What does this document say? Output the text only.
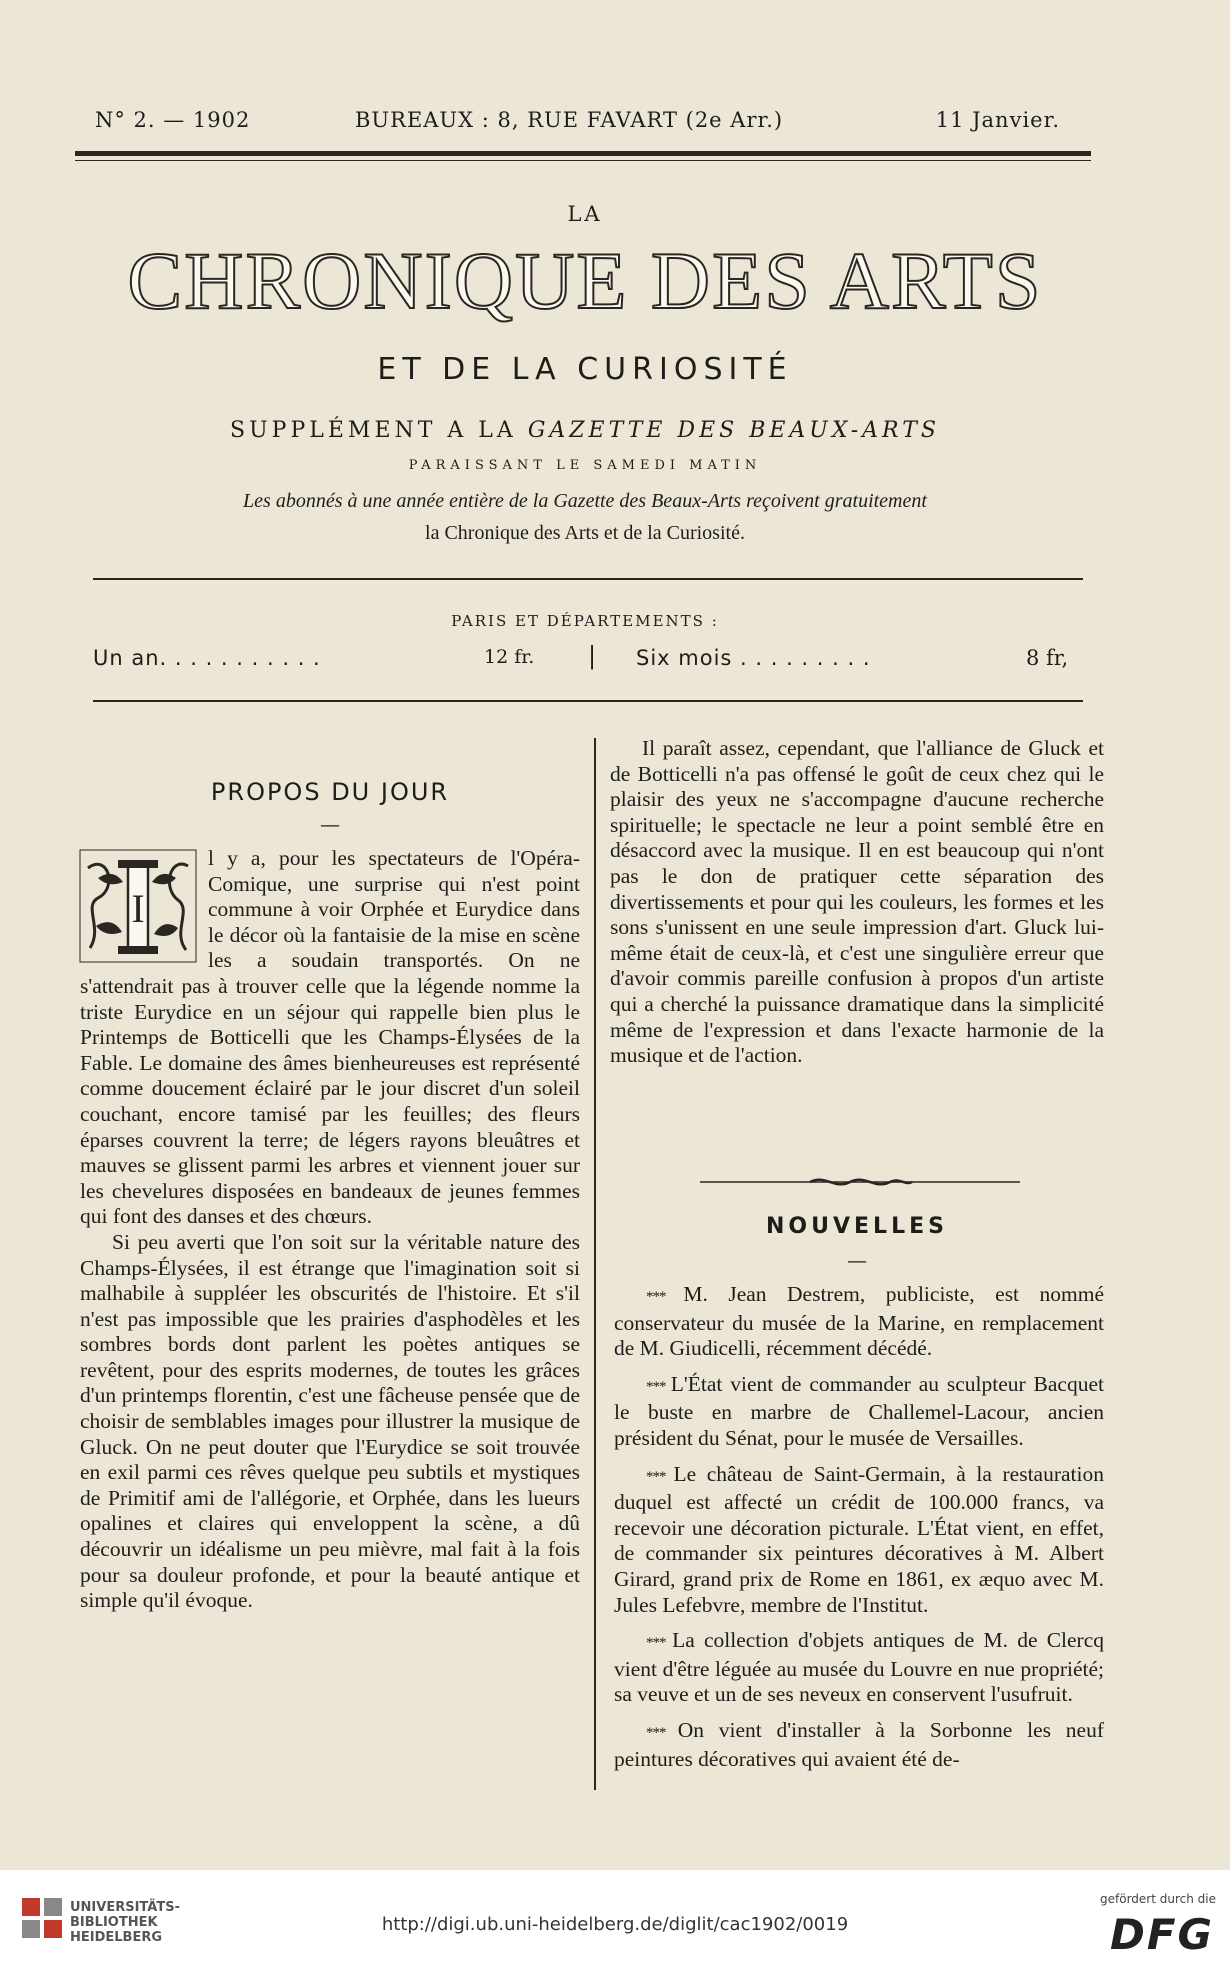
N° 2. — 1902	BUREAUX : 8, RUE FAVART (2e Arr.)	11 Janvier.
LA
CHRONIQUE DES ARTS
ET DE LA CURIOSITÉ
SUPPLÉMENT A LA GAZETTE DES BEAUX-ARTS
PARAISSANT LE SAMEDI MATIN
Les abonnés à une année entière de la Gazette des Beaux-Arts reçoivent gratuitement
la Chronique des Arts et de la Curiosité.
PARIS ET DÉPARTEMENTS :
Un an. . . . . . . . . . .	12 fr. | Six mois . . . . . . . . .	8 fr,
PROPOS DU JOUR
—
I

l y a, pour les spectateurs de l'Opéra-Comique, une surprise qui n'est point commune à voir Orphée et Eurydice dans le décor où la fantaisie de la mise en scène les a soudain transportés. On ne s'attendrait pas à trouver celle que la légende nomme la triste Eurydice en un séjour qui rappelle bien plus le Printemps de Botticelli que les Champs-Élysées de la Fable. Le domaine des âmes bienheureuses est représenté comme doucement éclairé par le jour discret d'un soleil couchant, encore tamisé par les feuilles; des fleurs éparses couvrent la terre; de légers rayons bleuâtres et mauves se glissent parmi les arbres et viennent jouer sur les chevelures disposées en bandeaux de jeunes femmes qui font des danses et des chœurs.

Si peu averti que l'on soit sur la véritable nature des Champs-Élysées, il est étrange que l'imagination soit si malhabile à suppléer les obscurités de l'histoire. Et s'il n'est pas impossible que les prairies d'asphodèles et les sombres bords dont parlent les poètes antiques se revêtent, pour des esprits modernes, de toutes les grâces d'un printemps florentin, c'est une fâcheuse pensée que de choisir de semblables images pour illustrer la musique de Gluck. On ne peut douter que l'Eurydice se soit trouvée en exil parmi ces rêves quelque peu subtils et mystiques de Primitif ami de l'allégorie, et Orphée, dans les lueurs opalines et claires qui enveloppent la scène, a dû découvrir un idéalisme un peu mièvre, mal fait à la fois pour sa douleur profonde, et pour la beauté antique et simple qu'il évoque.

Il paraît assez, cependant, que l'alliance de Gluck et de Botticelli n'a pas offensé le goût de ceux chez qui le plaisir des yeux ne s'accompagne d'aucune recherche spirituelle; le spectacle ne leur a point semblé être en désaccord avec la musique. Il en est beaucoup qui n'ont pas le don de pratiquer cette séparation des divertissements et pour qui les couleurs, les formes et les sons s'unissent en une seule impression d'art. Gluck lui-même était de ceux-là, et c'est une singulière erreur que d'avoir commis pareille confusion à propos d'un artiste qui a cherché la puissance dramatique dans la simplicité même de l'expression et dans l'exacte harmonie de la musique et de l'action.

NOUVELLES
—

*** M. Jean Destrem, publiciste, est nommé conservateur du musée de la Marine, en remplacement de M. Giudicelli, récemment décédé.

*** L'État vient de commander au sculpteur Bacquet le buste en marbre de Challemel-Lacour, ancien président du Sénat, pour le musée de Versailles.

*** Le château de Saint-Germain, à la restauration duquel est affecté un crédit de 100.000 francs, va recevoir une décoration picturale. L'État vient, en effet, de commander six peintures décoratives à M. Albert Girard, grand prix de Rome en 1861, ex æquo avec M. Jules Lefebvre, membre de l'Institut.

*** La collection d'objets antiques de M. de Clercq vient d'être léguée au musée du Louvre en nue propriété; sa veuve et un de ses neveux en conservent l'usufruit.

*** On vient d'installer à la Sorbonne les neuf peintures décoratives qui avaient été de-

UNIVERSITÄTS-
BIBLIOTHEK
HEIDELBERG
http://digi.ub.uni-heidelberg.de/diglit/cac1902/0019
gefördert durch die
DFG
